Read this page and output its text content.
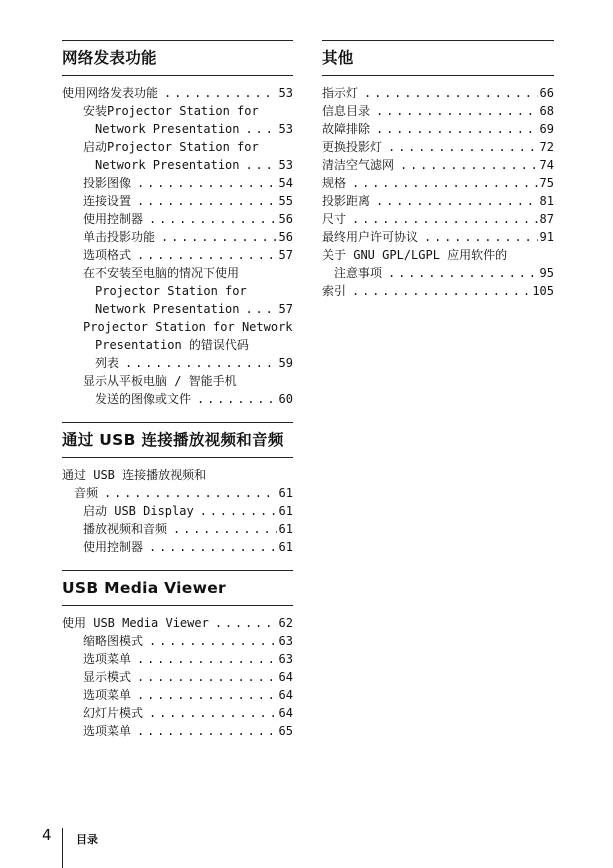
网络发表功能
使用网络发表功能 . . .	53
安装Projector Station for
Network Presentation . . .	53
启动Projector Station for
Network Presentation . . .	53
投影图像 . . .	54
连接设置 . . .	55
使用控制器 . . .	56
单击投影功能 . . .	56
选项格式 . . .	57
在不安装至电脑的情况下使用
Projector Station for
Network Presentation . . .	57
Projector Station for Network
Presentation 的错误代码
列表 . . .	59
显示从平板电脑 / 智能手机
发送的图像或文件 . . .	60
通过 USB 连接播放视频和音频
通过 USB 连接播放视频和
音频 . . .	61
启动 USB Display . . .	61
播放视频和音频 . . .	61
使用控制器 . . .	61
USB Media Viewer
使用 USB Media Viewer . . .	62
缩略图模式 . . .	63
选项菜单 . . .	63
显示模式 . . .	64
选项菜单 . . .	64
幻灯片模式 . . .	64
选项菜单 . . .	65
其他
指示灯 . . .	66
信息目录 . . .	68
故障排除 . . .	69
更换投影灯 . . .	72
清洁空气滤网 . . .	74
规格 . . .	75
投影距离 . . .	81
尺寸 . . .	87
最终用户许可协议 . . .	91
关于 GNU GPL/LGPL 应用软件的
注意事项 . . .	95
索引 . . .	105
4 目录
